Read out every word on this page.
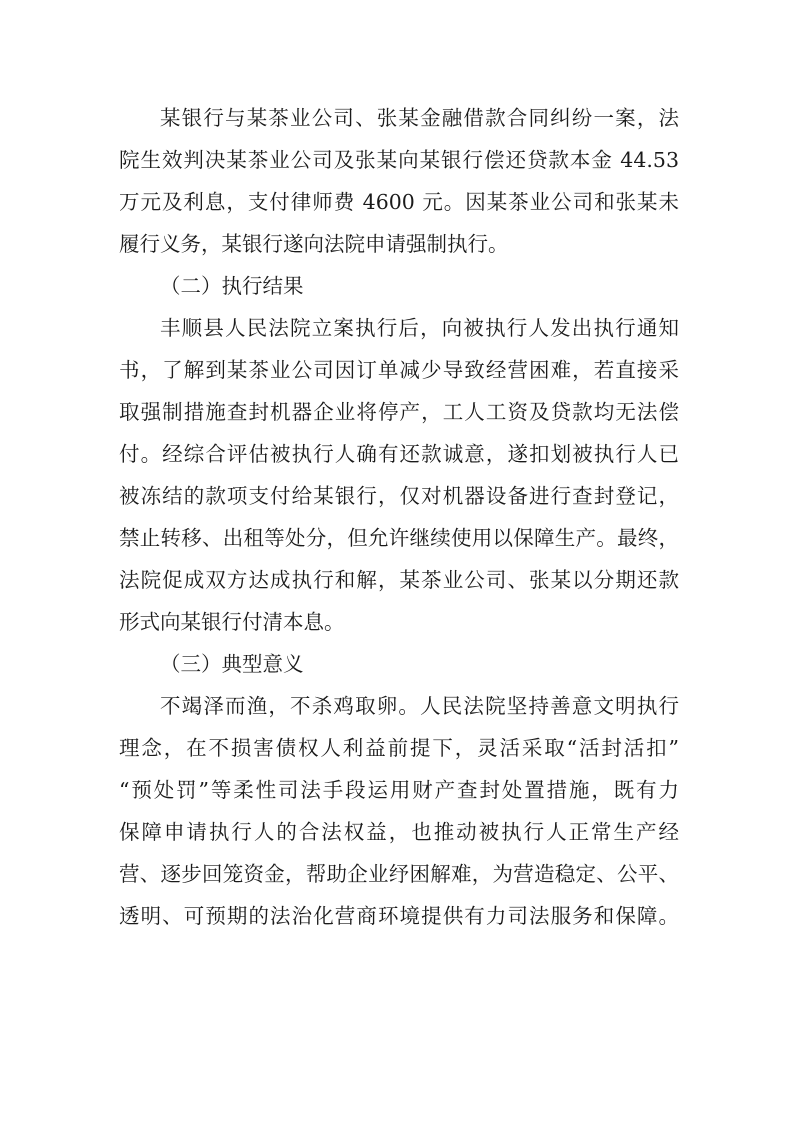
某银行与某茶业公司、张某金融借款合同纠纷一案，法
院生效判决某茶业公司及张某向某银行偿还贷款本金 44.53
万元及利息，支付律师费 4600 元。因某茶业公司和张某未
履行义务，某银行遂向法院申请强制执行。
（二）执行结果
丰顺县人民法院立案执行后，向被执行人发出执行通知
书，了解到某茶业公司因订单减少导致经营困难，若直接采
取强制措施查封机器企业将停产，工人工资及贷款均无法偿
付。经综合评估被执行人确有还款诚意，遂扣划被执行人已
被冻结的款项支付给某银行，仅对机器设备进行查封登记，
禁止转移、出租等处分，但允许继续使用以保障生产。最终，
法院促成双方达成执行和解，某茶业公司、张某以分期还款
形式向某银行付清本息。
（三）典型意义
不竭泽而渔，不杀鸡取卵。人民法院坚持善意文明执行
理念，在不损害债权人利益前提下，灵活采取“活封活扣”
“预处罚”等柔性司法手段运用财产查封处置措施，既有力
保障申请执行人的合法权益，也推动被执行人正常生产经
营、逐步回笼资金，帮助企业纾困解难，为营造稳定、公平、
透明、可预期的法治化营商环境提供有力司法服务和保障。
